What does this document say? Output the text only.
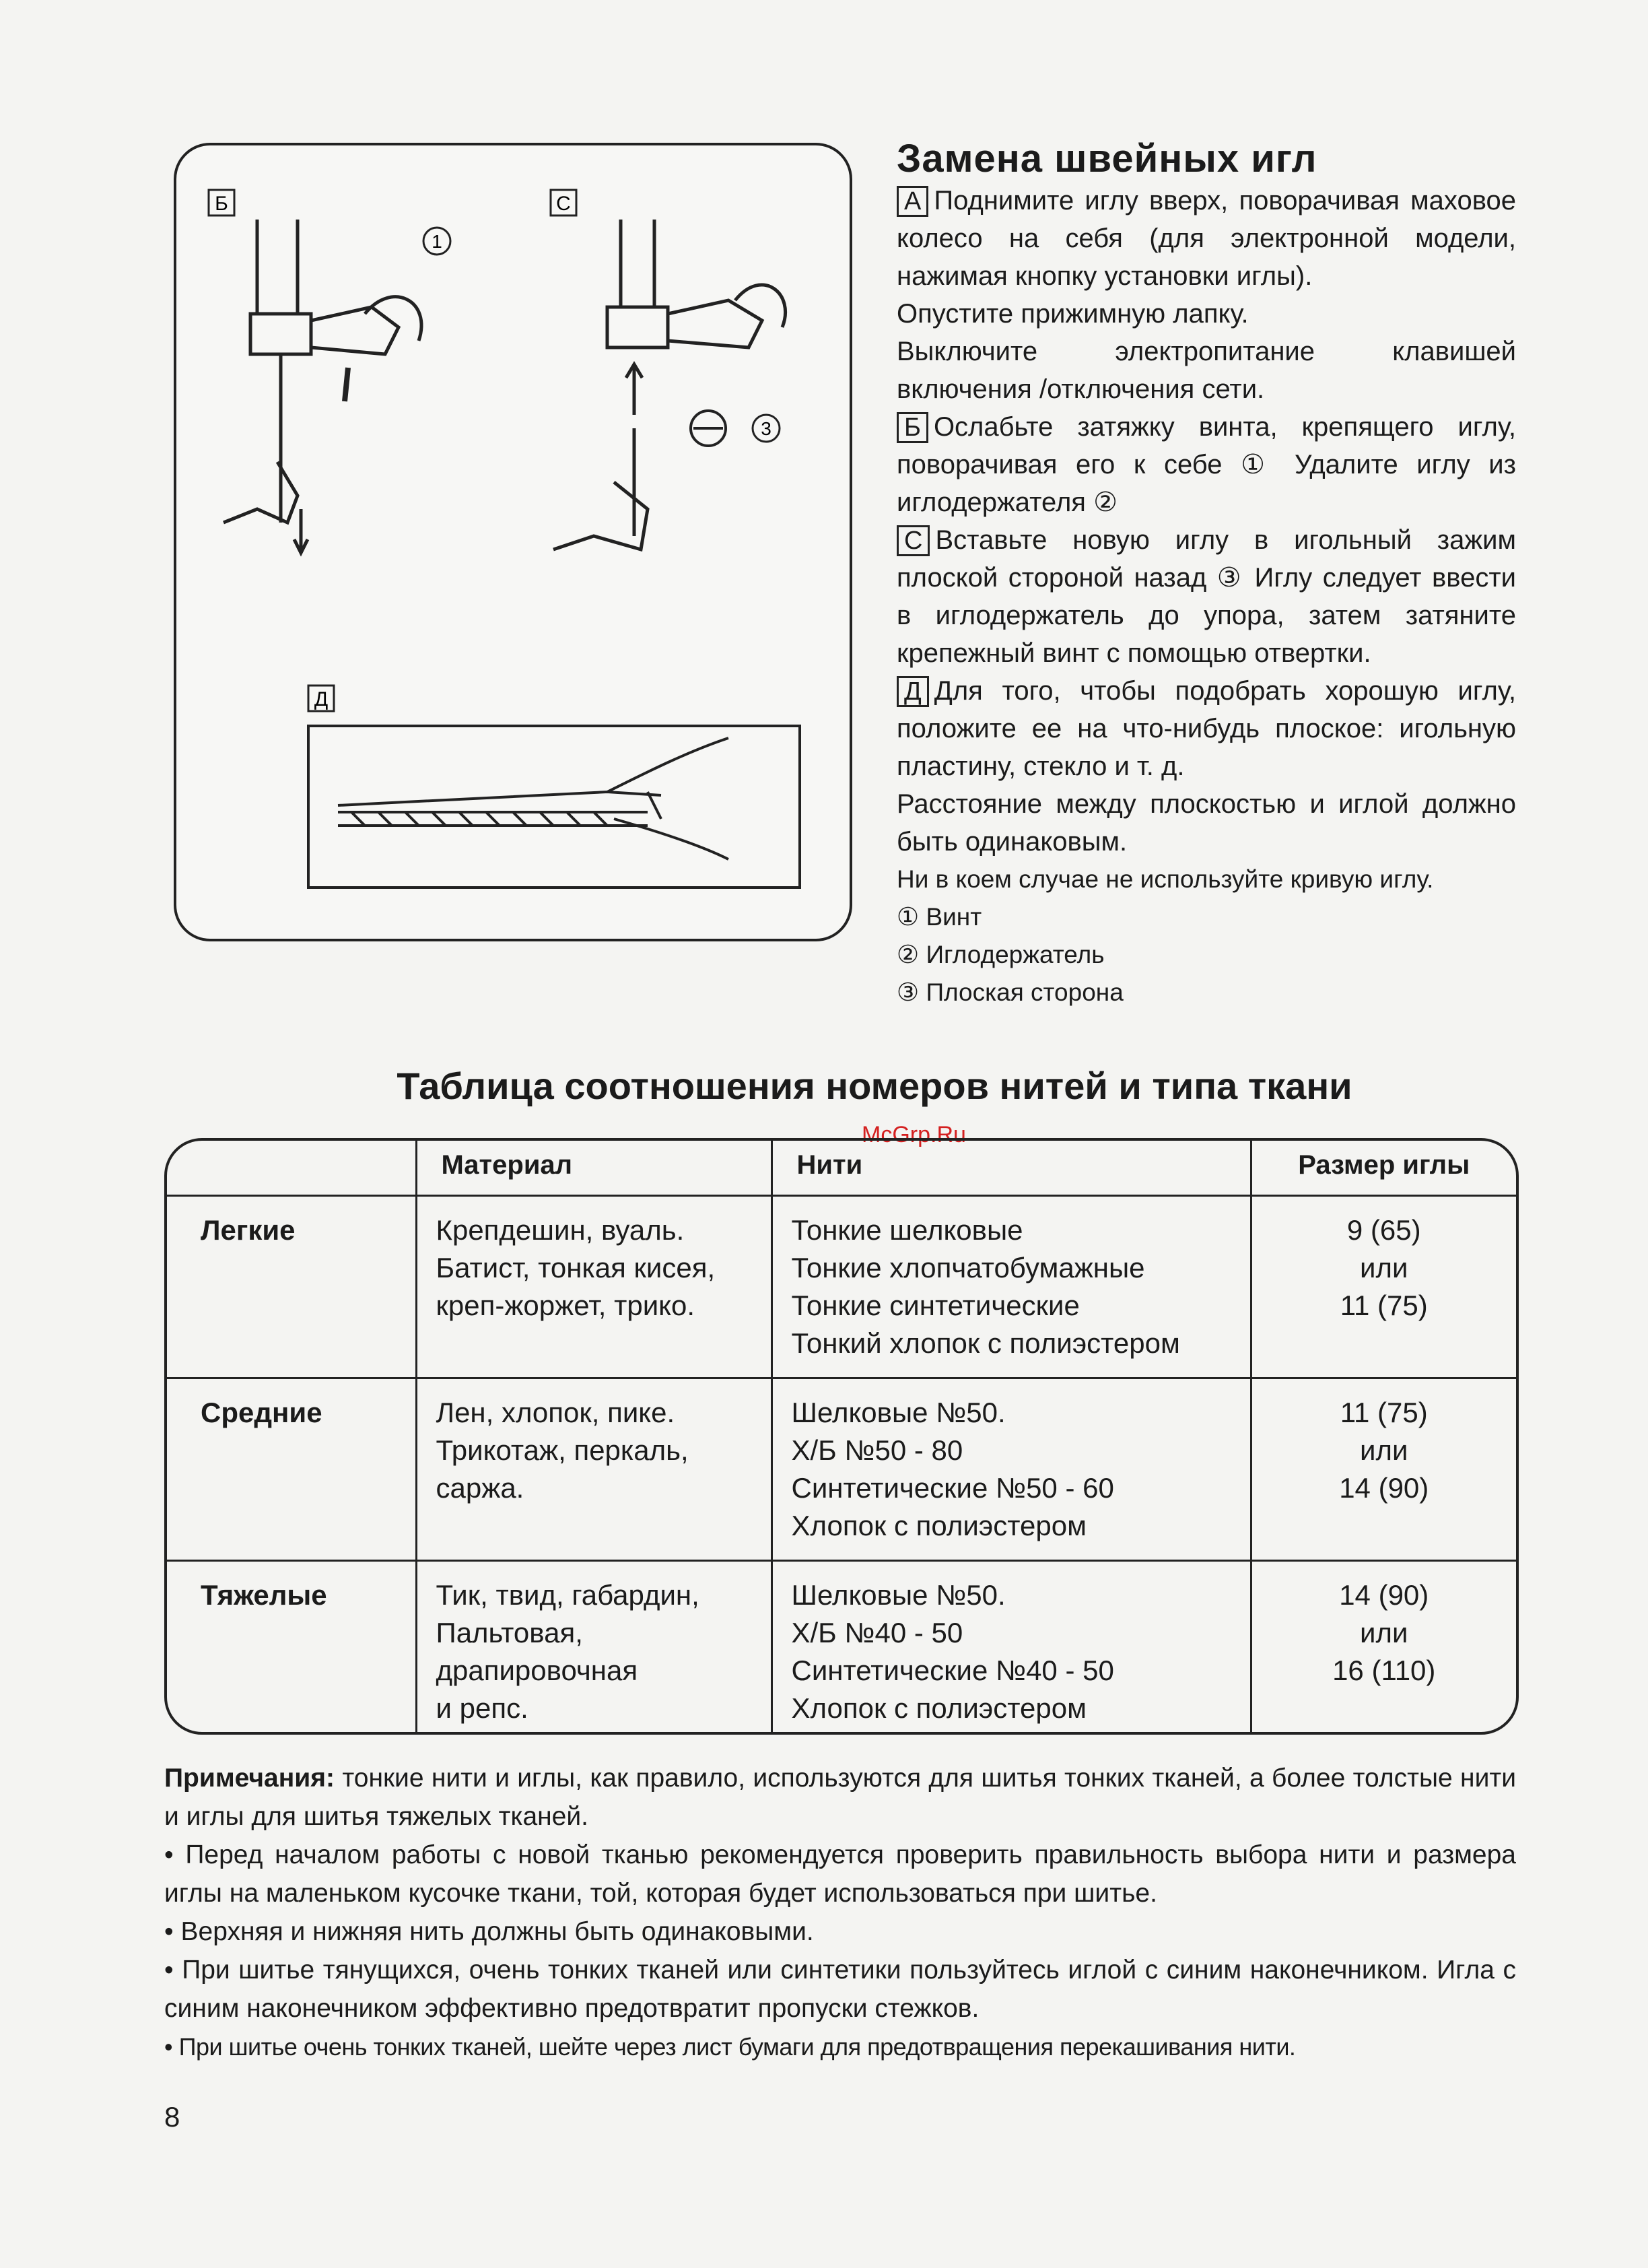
Б
1
С
3
Д
Замена швейных игл

А Поднимите иглу вверх, поворачивая маховое колесо на себя (для электронной модели, нажимая кнопку установки иглы).

Опустите прижимную лапку.

Выключите электропитание клавишей включения /отключения сети.

Б Ослабьте затяжку винта, крепящего иглу, поворачивая его к себе ① Удалите иглу из иглодержателя ②

С Вставьте новую иглу в игольный зажим плоской стороной назад ③ Иглу следует ввести в иглодержатель до упора, затем затяните крепежный винт с помощью отвертки.

Д Для того, чтобы подобрать хорошую иглу, положите ее на что-нибудь плоское: игольную пластину, стекло и т. д.

Расстояние между плоскостью и иглой должно быть одинаковым.

Ни в коем случае не используйте кривую иглу.

① Винт

② Иглодержатель

③ Плоская сторона

Таблица соотношения номеров нитей и типа ткани
McGrp.Ru
	Материал	Нити	Размер иглы
Легкие	Крепдешин, вуаль.
Батист, тонкая кисея,
креп-жоржет, трико.	Тонкие шелковые
Тонкие хлопчатобумажные
Тонкие синтетические
Тонкий хлопок с полиэстером	9 (65)
или
11 (75)

Средние	Лен, хлопок, пике.
Трикотаж, перкаль,
саржа.	Шелковые №50.
Х/Б №50 - 80
Синтетические №50 - 60
Хлопок с полиэстером	11 (75)
или
14 (90)

Тяжелые	Тик, твид, габардин,
Пальтовая,
драпировочная
и репс.	Шелковые №50.
Х/Б №40 - 50
Синтетические №40 - 50
Хлопок с полиэстером	14 (90)
или
16 (110)

Примечания: тонкие нити и иглы, как правило, используются для шитья тонких тканей, а более толстые нити и иглы для шитья тяжелых тканей.

• Перед началом работы с новой тканью рекомендуется проверить правильность выбора нити и размера иглы на маленьком кусочке ткани, той, которая будет использоваться при шитье.

• Верхняя и нижняя нить должны быть одинаковыми.

• При шитье тянущихся, очень тонких тканей или синтетики пользуйтесь иглой с синим наконечником. Игла с синим наконечником эффективно предотвратит пропуски стежков.

• При шитье очень тонких тканей, шейте через лист бумаги для предотвращения перекашивания нити.

8
